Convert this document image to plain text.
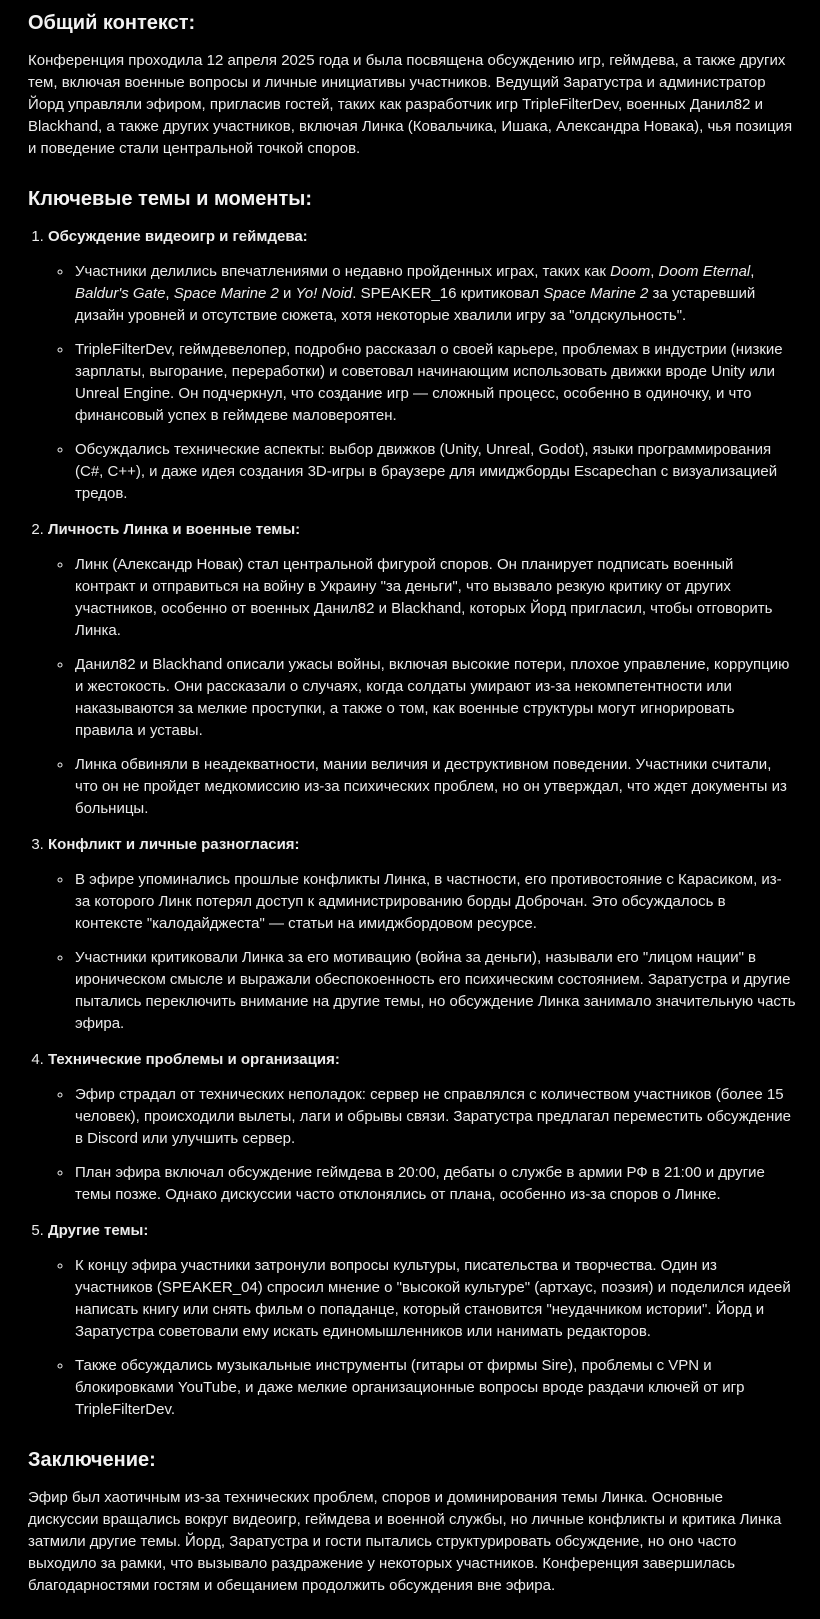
Общий контекст:

Конференция проходила 12 апреля 2025 года и была посвящена обсуждению игр, геймдева, а также других тем, включая военные вопросы и личные инициативы участников. Ведущий Заратустра и администратор Йорд управляли эфиром, пригласив гостей, таких как разработчик игр TripleFilterDev, военных Данил82 и Blackhand, а также других участников, включая Линка (Ковальчика, Ишака, Александра Новака), чья позиция и поведение стали центральной точкой споров.

Ключевые темы и моменты:
1. Обсуждение видеоигр и геймдева:
◦ Участники делились впечатлениями о недавно пройденных играх, таких как Doom, Doom Eternal, Baldur's Gate, Space Marine 2 и Yo! Noid. SPEAKER_16 критиковал Space Marine 2 за устаревший дизайн уровней и отсутствие сюжета, хотя некоторые хвалили игру за "олдскульность".
◦ TripleFilterDev, геймдевелопер, подробно рассказал о своей карьере, проблемах в индустрии (низкие зарплаты, выгорание, переработки) и советовал начинающим использовать движки вроде Unity или Unreal Engine. Он подчеркнул, что создание игр — сложный процесс, особенно в одиночку, и что финансовый успех в геймдеве маловероятен.
◦ Обсуждались технические аспекты: выбор движков (Unity, Unreal, Godot), языки программирования (C#, C++), и даже идея создания 3D-игры в браузере для имиджборды Escapechan с визуализацией тредов.
2. Личность Линка и военные темы:
◦ Линк (Александр Новак) стал центральной фигурой споров. Он планирует подписать военный контракт и отправиться на войну в Украину "за деньги", что вызвало резкую критику от других участников, особенно от военных Данил82 и Blackhand, которых Йорд пригласил, чтобы отговорить Линка.
◦ Данил82 и Blackhand описали ужасы войны, включая высокие потери, плохое управление, коррупцию и жестокость. Они рассказали о случаях, когда солдаты умирают из-за некомпетентности или наказываются за мелкие проступки, а также о том, как военные структуры могут игнорировать правила и уставы.
◦ Линка обвиняли в неадекватности, мании величия и деструктивном поведении. Участники считали, что он не пройдет медкомиссию из-за психических проблем, но он утверждал, что ждет документы из больницы.
3. Конфликт и личные разногласия:
◦ В эфире упоминались прошлые конфликты Линка, в частности, его противостояние с Карасиком, из-за которого Линк потерял доступ к администрированию борды Доброчан. Это обсуждалось в контексте "калодайджеста" — статьи на имиджбордовом ресурсе.
◦ Участники критиковали Линка за его мотивацию (война за деньги), называли его "лицом нации" в ироническом смысле и выражали обеспокоенность его психическим состоянием. Заратустра и другие пытались переключить внимание на другие темы, но обсуждение Линка занимало значительную часть эфира.
4. Технические проблемы и организация:
◦ Эфир страдал от технических неполадок: сервер не справлялся с количеством участников (более 15 человек), происходили вылеты, лаги и обрывы связи. Заратустра предлагал переместить обсуждение в Discord или улучшить сервер.
◦ План эфира включал обсуждение геймдева в 20:00, дебаты о службе в армии РФ в 21:00 и другие темы позже. Однако дискуссии часто отклонялись от плана, особенно из-за споров о Линке.
5. Другие темы:
◦ К концу эфира участники затронули вопросы культуры, писательства и творчества. Один из участников (SPEAKER_04) спросил мнение о "высокой культуре" (артхаус, поэзия) и поделился идеей написать книгу или снять фильм о попаданце, который становится "неудачником истории". Йорд и Заратустра советовали ему искать единомышленников или нанимать редакторов.
◦ Также обсуждались музыкальные инструменты (гитары от фирмы Sire), проблемы с VPN и блокировками YouTube, и даже мелкие организационные вопросы вроде раздачи ключей от игр TripleFilterDev.
Заключение:

Эфир был хаотичным из-за технических проблем, споров и доминирования темы Линка. Основные дискуссии вращались вокруг видеоигр, геймдева и военной службы, но личные конфликты и критика Линка затмили другие темы. Йорд, Заратустра и гости пытались структурировать обсуждение, но оно часто выходило за рамки, что вызывало раздражение у некоторых участников. Конференция завершилась благодарностями гостям и обещанием продолжить обсуждения вне эфира.
